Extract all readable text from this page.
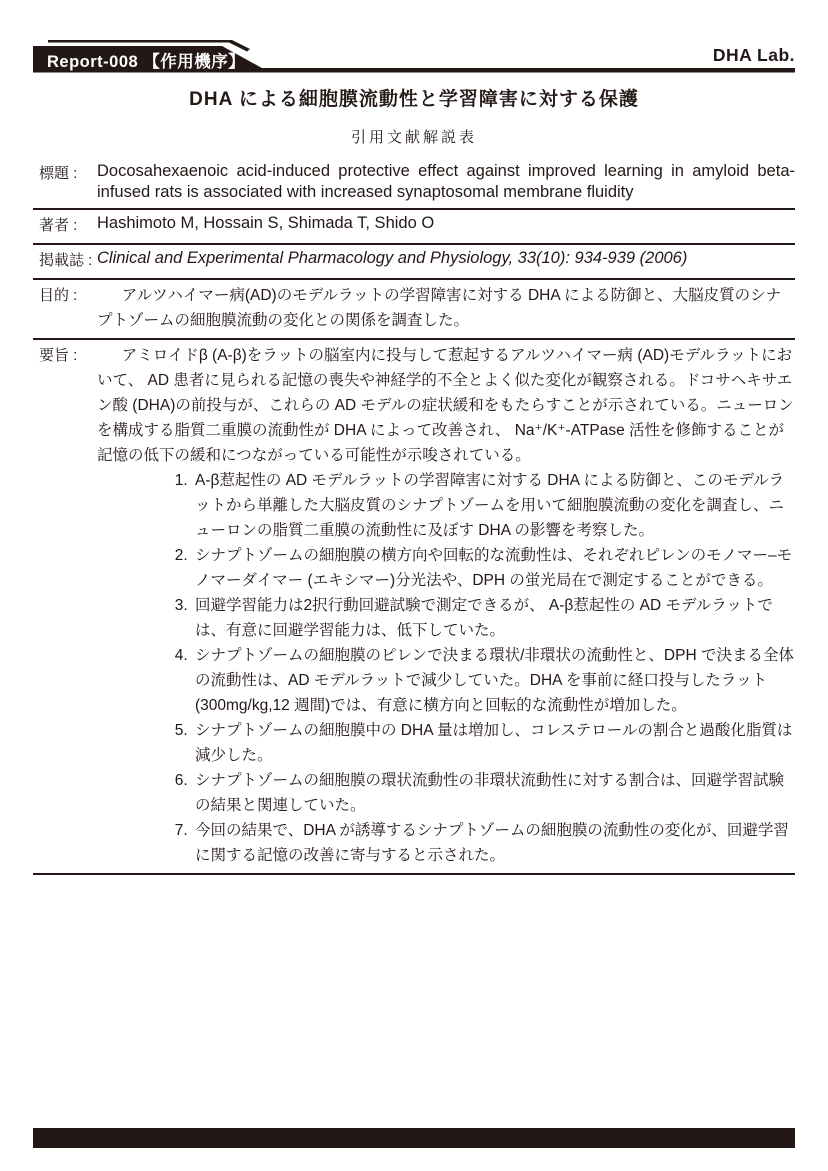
Report-008 【作用機序】	DHA Lab.
DHA による細胞膜流動性と学習障害に対する保護
引用文献解説表
標題 :	Docosahexaenoic acid-induced protective effect against improved learning in amyloid beta-infused rats is associated with increased synaptosomal membrane fluidity
著者 :	Hashimoto M, Hossain S, Shimada T, Shido O
掲載誌 : Clinical and Experimental Pharmacology and Physiology, 33(10): 934-939 (2006)
目的 :	アルツハイマー病(AD)のモデルラットの学習障害に対する DHA による防御と、大脳皮質のシナプトゾームの細胞膜流動の変化との関係を調査した。
要旨 :	アミロイドβ (A-β)をラットの脳室内に投与して惹起するアルツハイマー病 (AD)モデルラットにおいて、 AD 患者に見られる記憶の喪失や神経学的不全とよく似た変化が観察される。ドコサヘキサエン酸 (DHA)の前投与が、これらの AD モデルの症状緩和をもたらすことが示されている。ニューロンを構成する脂質二重膜の流動性が DHA によって改善され、 Na⁺/K⁺-ATPase 活性を修飾することが記憶の低下の緩和につながっている可能性が示唆されている。
1. A-β惹起性の AD モデルラットの学習障害に対する DHA による防御と、このモデルラットから単離した大脳皮質のシナプトゾームを用いて細胞膜流動の変化を調査し、ニューロンの脂質二重膜の流動性に及ぼす DHA の影響を考察した。
2. シナプトゾームの細胞膜の横方向や回転的な流動性は、それぞれピレンのモノマー–モノマーダイマー (エキシマー)分光法や、DPH の蛍光局在で測定することができる。
3. 回避学習能力は2択行動回避試験で測定できるが、 A-β惹起性の AD モデルラットでは、有意に回避学習能力は、低下していた。
4. シナプトゾームの細胞膜のピレンで決まる環状/非環状の流動性と、DPH で決まる全体の流動性は、AD モデルラットで減少していた。DHA を事前に経口投与したラット(300mg/kg,12 週間)では、有意に横方向と回転的な流動性が増加した。
5. シナプトゾームの細胞膜中の DHA 量は増加し、コレステロールの割合と過酸化脂質は減少した。
6. シナプトゾームの細胞膜の環状流動性の非環状流動性に対する割合は、回避学習試験の結果と関連していた。
7. 今回の結果で、DHA が誘導するシナプトゾームの細胞膜の流動性の変化が、回避学習に関する記憶の改善に寄与すると示された。
